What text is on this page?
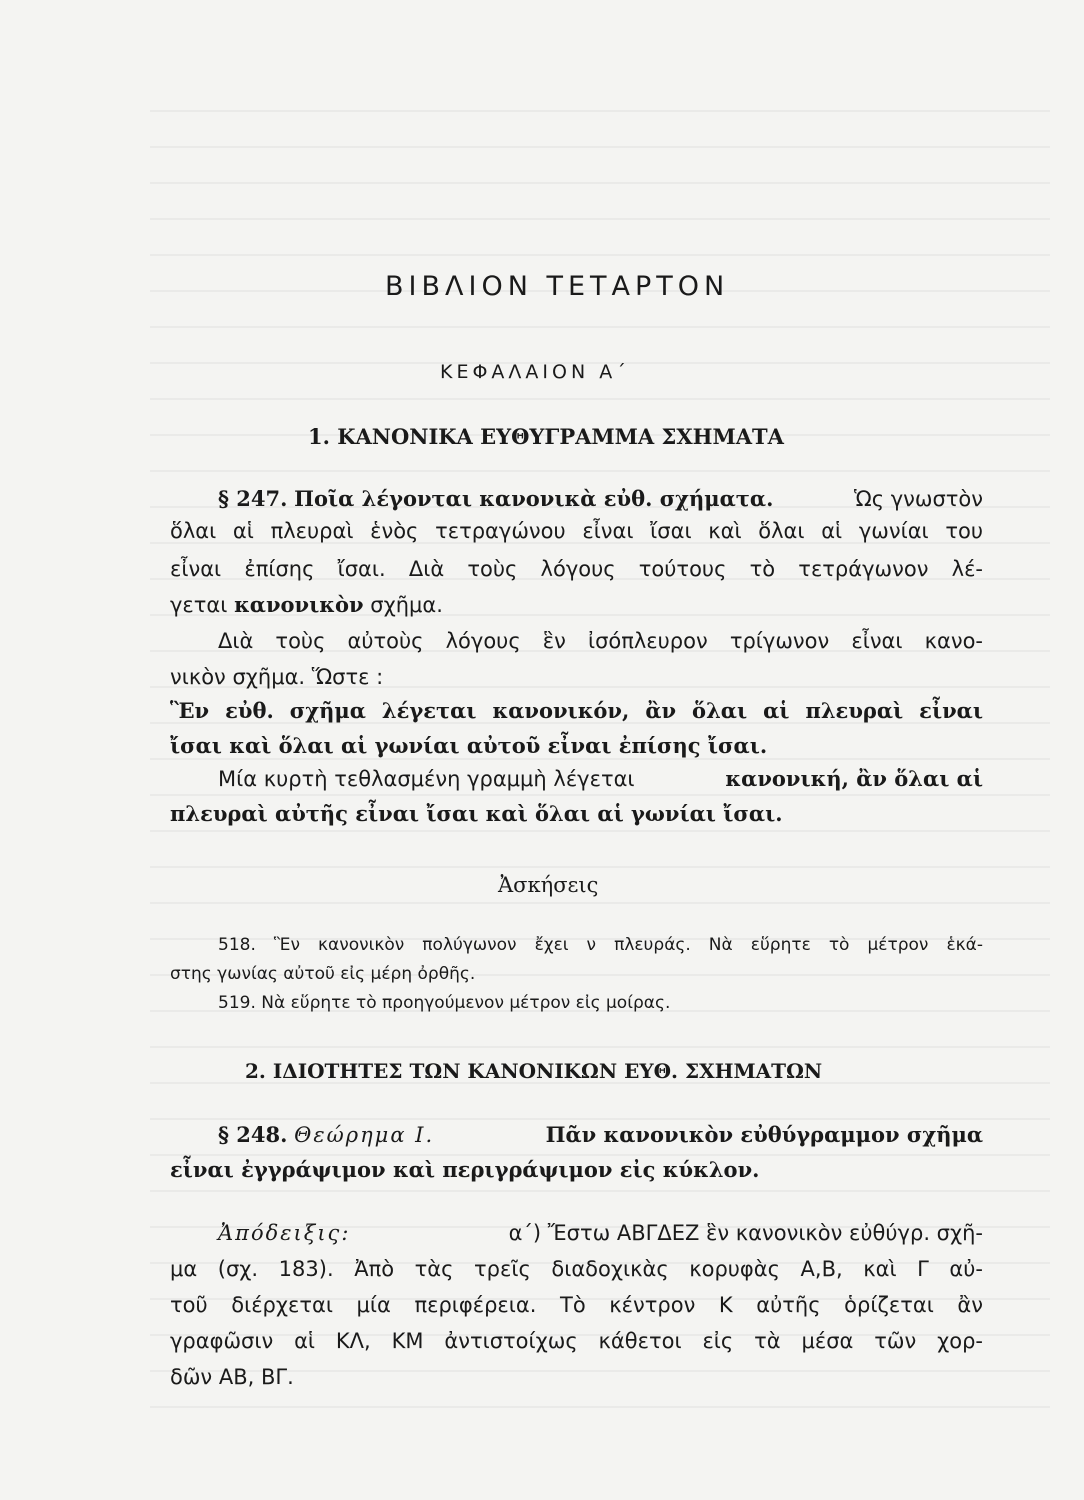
ΒΙΒΛΙΟΝ ΤΕΤΑΡΤΟΝ
ΚΕΦΑΛΑΙΟΝ Α΄
1. ΚΑΝΟΝΙΚΑ ΕΥΘΥΓΡΑΜΜΑ ΣΧΗΜΑΤΑ
§ 247. Ποῖα λέγονται κανονικὰ εὐθ. σχήματα.	Ὡς γνωστὸν
ὅλαι αἱ πλευραὶ ἑνὸς τετραγώνου εἶναι ἴσαι καὶ ὅλαι αἱ γωνίαι του
εἶναι ἐπίσης ἴσαι. Διὰ τοὺς λόγους τούτους τὸ τετράγωνον λέ-
γεται κανονικὸν σχῆμα.
Διὰ τοὺς αὐτοὺς λόγους ἓν ἰσόπλευρον τρίγωνον εἶναι κανο-
νικὸν σχῆμα. Ὥστε :
Ἓν εὐθ. σχῆμα λέγεται κανονικόν, ἂν ὅλαι αἱ πλευραὶ εἶναι
ἴσαι καὶ ὅλαι αἱ γωνίαι αὐτοῦ εἶναι ἐπίσης ἴσαι.
Μία κυρτὴ τεθλασμένη γραμμὴ λέγεται	κανονική, ἂν ὅλαι αἱ
πλευραὶ αὐτῆς εἶναι ἴσαι καὶ ὅλαι αἱ γωνίαι ἴσαι.
Ἀσκήσεις
518. Ἓν κανονικὸν πολύγωνον ἔχει ν πλευράς. Νὰ εὕρητε τὸ μέτρον ἑκά-
στης γωνίας αὐτοῦ εἰς μέρη ὀρθῆς.
519. Νὰ εὕρητε τὸ προηγούμενον μέτρον εἰς μοίρας.
2. ΙΔΙΟΤΗΤΕΣ ΤΩΝ ΚΑΝΟΝΙΚΩΝ ΕΥΘ. ΣΧΗΜΑΤΩΝ
§ 248. Θεώρημα Ι.	Πᾶν κανονικὸν εὐθύγραμμον σχῆμα
εἶναι ἐγγράψιμον καὶ περιγράψιμον εἰς κύκλον.
Ἀπόδειξις:	α΄) Ἔστω ΑΒΓΔΕΖ ἓν κανονικὸν εὐθύγρ. σχῆ-
μα (σχ. 183). Ἀπὸ τὰς τρεῖς διαδοχικὰς κορυφὰς Α,Β, καὶ Γ αὐ-
τοῦ διέρχεται μία περιφέρεια. Τὸ κέντρον Κ αὐτῆς ὁρίζεται ἂν
γραφῶσιν αἱ ΚΛ, ΚΜ ἀντιστοίχως κάθετοι εἰς τὰ μέσα τῶν χορ-
δῶν ΑΒ, ΒΓ.
